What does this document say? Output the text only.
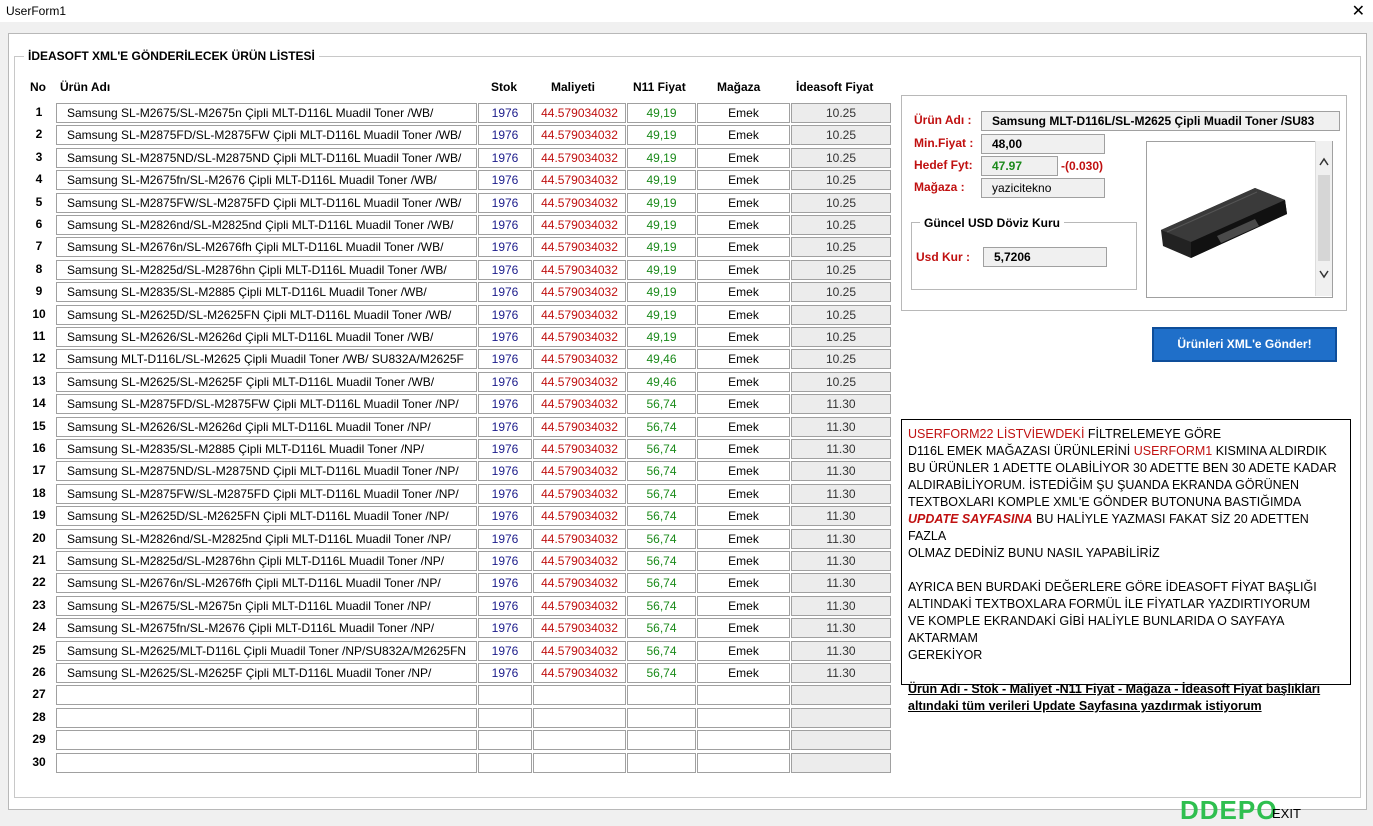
UserForm1	✕
İDEASOFT XML'E GÖNDERİLECEK ÜRÜN LİSTESİ
No Ürün Adı	Stok	Maliyeti	N11 Fiyat	Mağaza	İdeasoft Fiyat
1	Samsung SL-M2675/SL-M2675n Çipli MLT-D116L Muadil Toner /WB/	1976	44.579034032	49,19	Emek	10.25
2	Samsung SL-M2875FD/SL-M2875FW Çipli MLT-D116L Muadil Toner /WB/	1976	44.579034032	49,19	Emek	10.25
3	Samsung SL-M2875ND/SL-M2875ND Çipli MLT-D116L Muadil Toner /WB/	1976	44.579034032	49,19	Emek	10.25
4	Samsung SL-M2675fn/SL-M2676 Çipli MLT-D116L Muadil Toner /WB/	1976	44.579034032	49,19	Emek	10.25
5	Samsung SL-M2875FW/SL-M2875FD Çipli MLT-D116L Muadil Toner /WB/	1976	44.579034032	49,19	Emek	10.25
6	Samsung SL-M2826nd/SL-M2825nd Çipli MLT-D116L Muadil Toner /WB/	1976	44.579034032	49,19	Emek	10.25
7	Samsung SL-M2676n/SL-M2676fh Çipli MLT-D116L Muadil Toner /WB/	1976	44.579034032	49,19	Emek	10.25
8	Samsung SL-M2825d/SL-M2876hn Çipli MLT-D116L Muadil Toner /WB/	1976	44.579034032	49,19	Emek	10.25
9	Samsung SL-M2835/SL-M2885 Çipli MLT-D116L Muadil Toner /WB/	1976	44.579034032	49,19	Emek	10.25
10	Samsung SL-M2625D/SL-M2625FN Çipli MLT-D116L Muadil Toner /WB/	1976	44.579034032	49,19	Emek	10.25
11	Samsung SL-M2626/SL-M2626d Çipli MLT-D116L Muadil Toner /WB/	1976	44.579034032	49,19	Emek	10.25
12	Samsung MLT-D116L/SL-M2625 Çipli Muadil Toner /WB/ SU832A/M2625F	1976	44.579034032	49,46	Emek	10.25
13	Samsung SL-M2625/SL-M2625F Çipli MLT-D116L Muadil Toner /WB/	1976	44.579034032	49,46	Emek	10.25
14	Samsung SL-M2875FD/SL-M2875FW Çipli MLT-D116L Muadil Toner /NP/	1976	44.579034032	56,74	Emek	11.30
15	Samsung SL-M2626/SL-M2626d Çipli MLT-D116L Muadil Toner /NP/	1976	44.579034032	56,74	Emek	11.30
16	Samsung SL-M2835/SL-M2885 Çipli MLT-D116L Muadil Toner /NP/	1976	44.579034032	56,74	Emek	11.30
17	Samsung SL-M2875ND/SL-M2875ND Çipli MLT-D116L Muadil Toner /NP/	1976	44.579034032	56,74	Emek	11.30
18	Samsung SL-M2875FW/SL-M2875FD Çipli MLT-D116L Muadil Toner /NP/	1976	44.579034032	56,74	Emek	11.30
19	Samsung SL-M2625D/SL-M2625FN Çipli MLT-D116L Muadil Toner /NP/	1976	44.579034032	56,74	Emek	11.30
20	Samsung SL-M2826nd/SL-M2825nd Çipli MLT-D116L Muadil Toner /NP/	1976	44.579034032	56,74	Emek	11.30
21	Samsung SL-M2825d/SL-M2876hn Çipli MLT-D116L Muadil Toner /NP/	1976	44.579034032	56,74	Emek	11.30
22	Samsung SL-M2676n/SL-M2676fh Çipli MLT-D116L Muadil Toner /NP/	1976	44.579034032	56,74	Emek	11.30
23	Samsung SL-M2675/SL-M2675n Çipli MLT-D116L Muadil Toner /NP/	1976	44.579034032	56,74	Emek	11.30
24	Samsung SL-M2675fn/SL-M2676 Çipli MLT-D116L Muadil Toner /NP/	1976	44.579034032	56,74	Emek	11.30
25	Samsung SL-M2625/MLT-D116L Çipli Muadil Toner /NP/SU832A/M2625FN	1976	44.579034032	56,74	Emek	11.30
26	Samsung SL-M2625/SL-M2625F Çipli MLT-D116L Muadil Toner /NP/	1976	44.579034032	56,74	Emek	11.30
27
28
29
30
Ürün Adı :	Samsung MLT-D116L/SL-M2625 Çipli Muadil Toner /SU83
Min.Fiyat :	48,00
Hedef Fyt:	47.97	-(0.030)
Mağaza :	yazicitekno
Güncel USD Döviz Kuru
Usd Kur :	5,7206
Ürünleri XML'e Gönder!
USERFORM22 LİSTVİEWDEKİ FİLTRELEMEYE GÖRE
D116L EMEK MAĞAZASI ÜRÜNLERİNİ USERFORM1 KISMINA ALDIRDIK
BU ÜRÜNLER 1 ADETTE OLABİLİYOR 30 ADETTE BEN 30 ADETE KADAR
ALDIRABİLİYORUM. İSTEDİĞİM ŞU ŞUANDA EKRANDA GÖRÜNEN
TEXTBOXLARI KOMPLE XML'E GÖNDER BUTONUNA BASTIĞIMDA
UPDATE SAYFASINA BU HALİYLE YAZMASI FAKAT SİZ 20 ADETTEN FAZLA
OLMAZ DEDİNİZ BUNU NASIL YAPABİLİRİZ
AYRICA BEN BURDAKİ DEĞERLERE GÖRE İDEASOFT FİYAT BAŞLIĞI
ALTINDAKİ TEXTBOXLARA FORMÜL İLE FİYATLAR YAZDIRTIYORUM
VE KOMPLE EKRANDAKİ GİBİ HALİYLE BUNLARIDA O SAYFAYA AKTARMAM
GEREKİYOR
Ürün Adı - Stok - Maliyet -N11 Fiyat - Mağaza - İdeasoft Fiyat başlıkları
altındaki tüm verileri Update Sayfasına yazdırmak istiyorum
DDEPO
EXIT
